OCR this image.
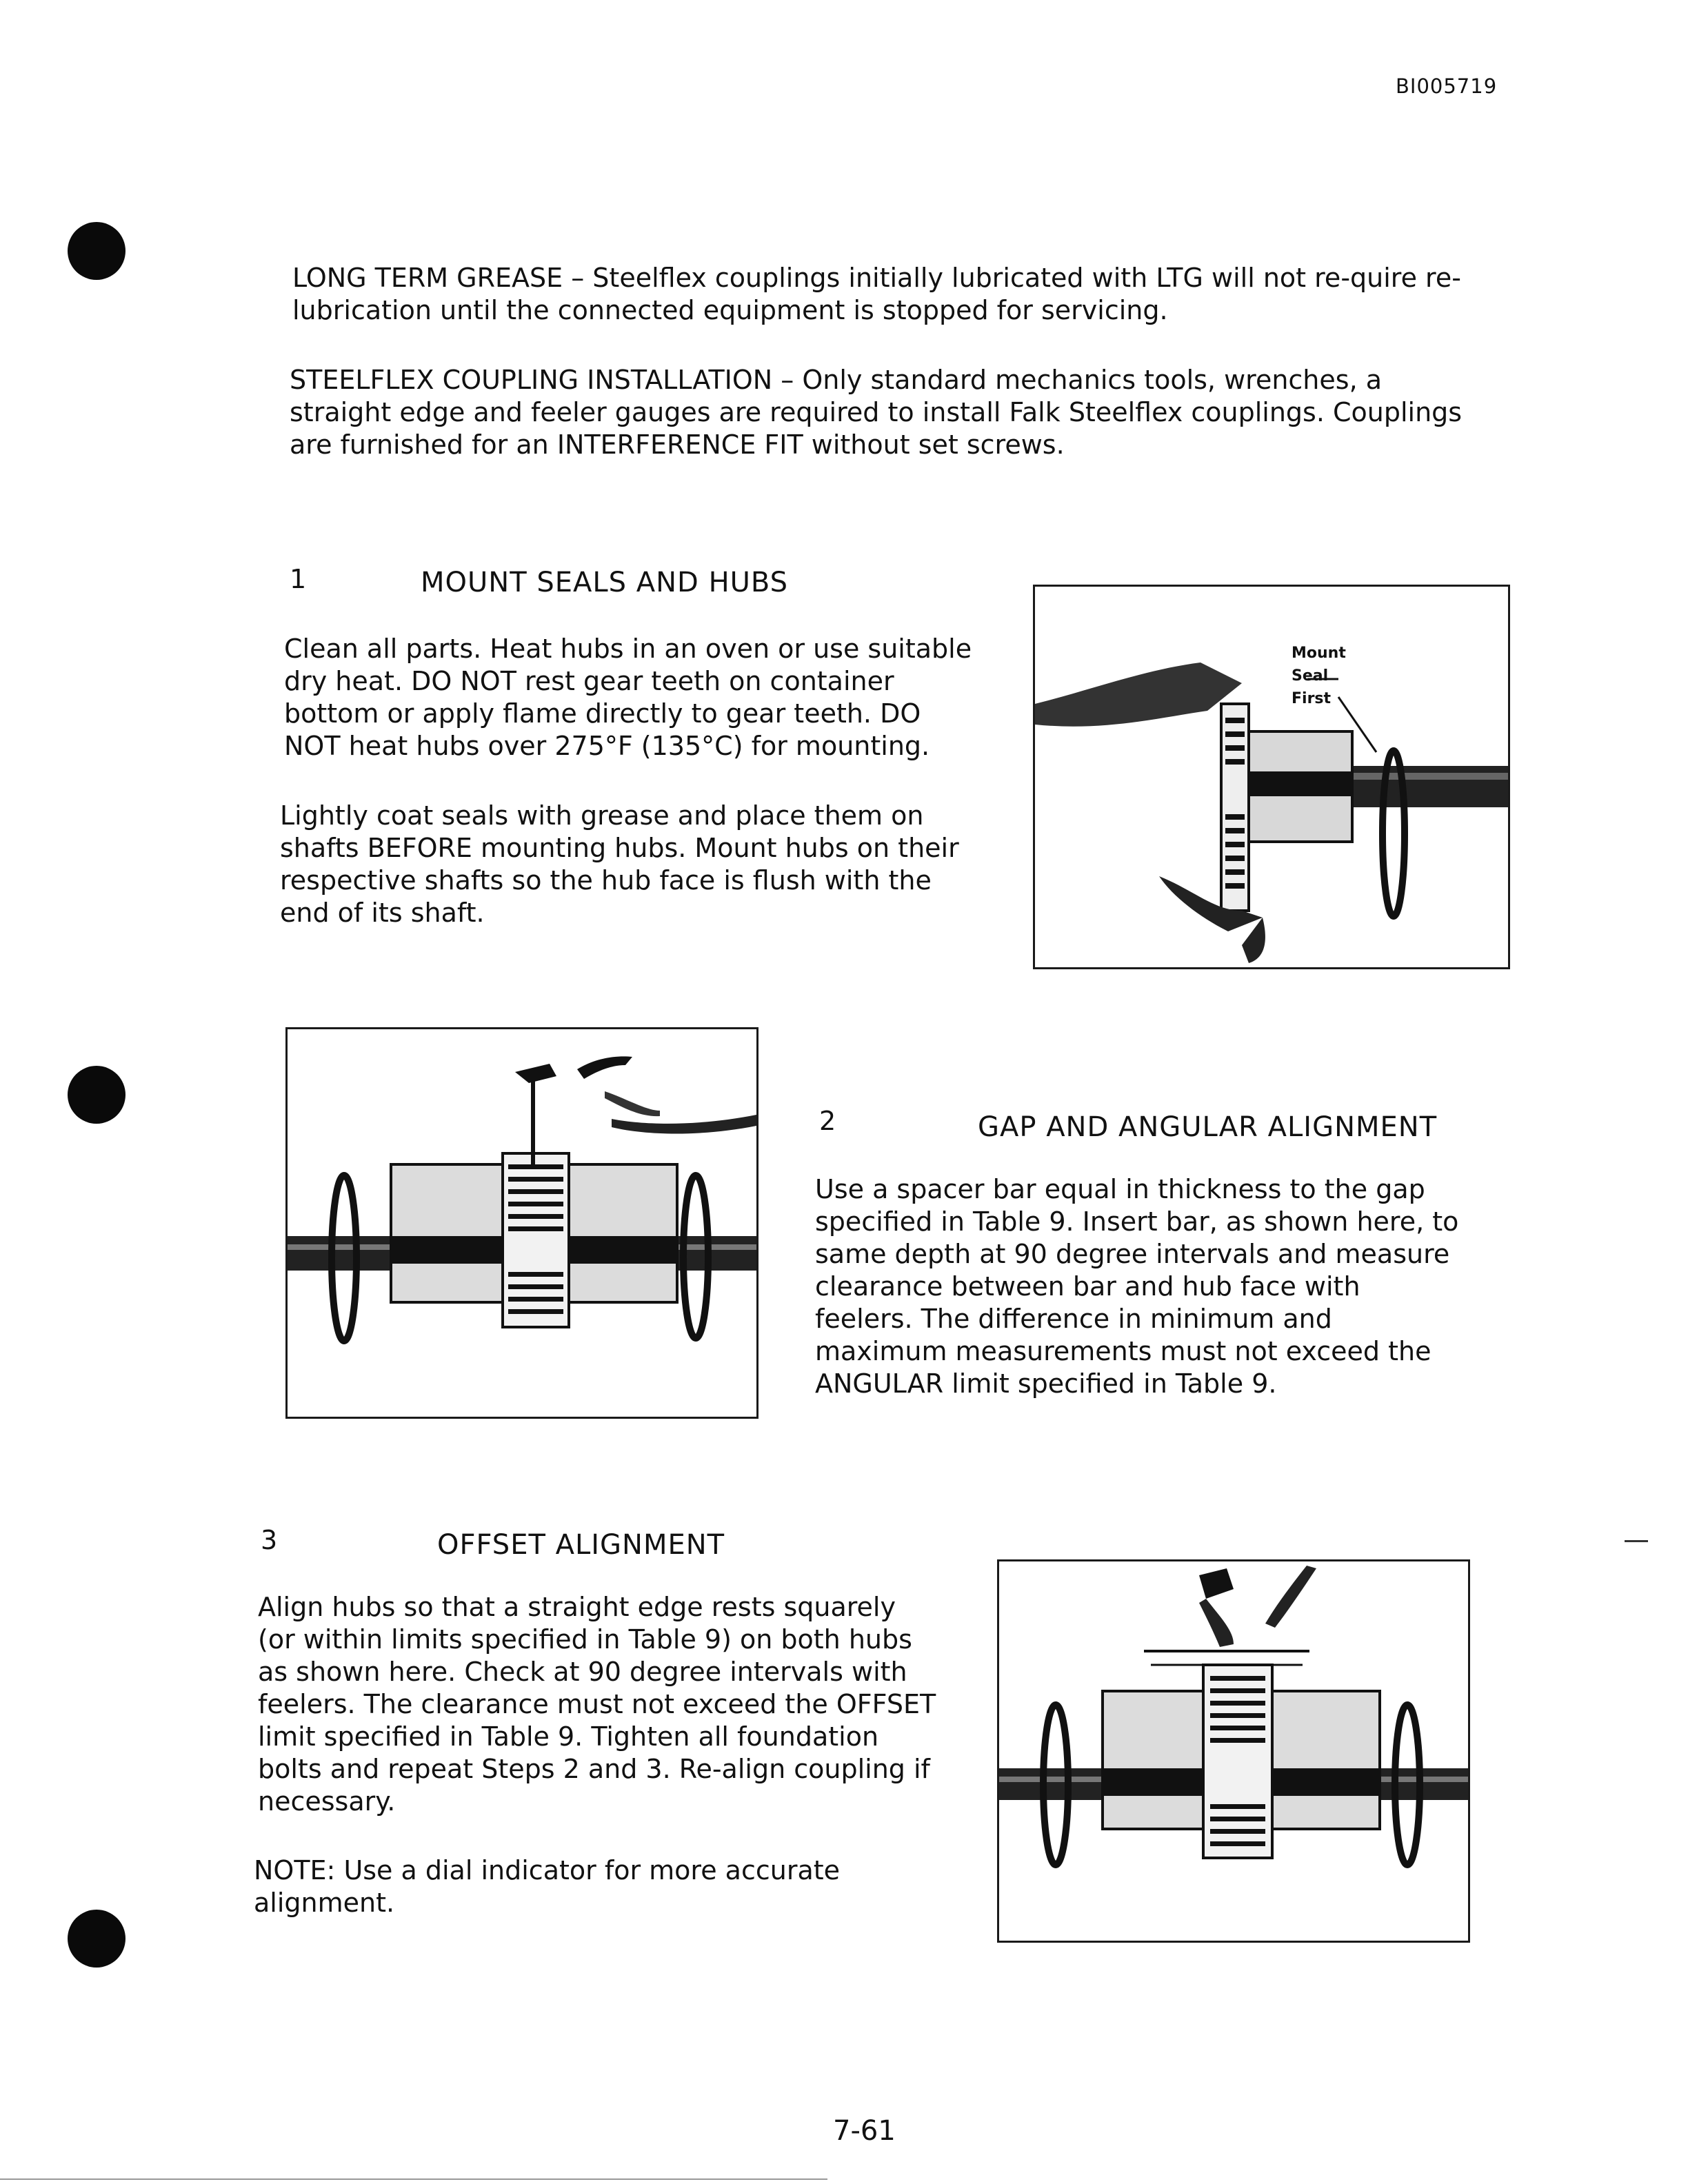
BI005719
LONG TERM GREASE – Steelflex couplings initially lubricated with LTG will not re-quire re-lubrication until the connected equipment is stopped for servicing.
STEELFLEX COUPLING INSTALLATION – Only standard mechanics tools, wrenches, a straight edge and feeler gauges are required to install Falk Steelflex couplings. Couplings are furnished for an INTERFERENCE FIT without set screws.
1	MOUNT SEALS AND HUBS
Clean all parts. Heat hubs in an oven or use suitable dry heat. DO NOT rest gear teeth on container bottom or apply flame directly to gear teeth. DO NOT heat hubs over 275°F (135°C) for mounting.
Lightly coat seals with grease and place them on shafts BEFORE mounting hubs. Mount hubs on their respective shafts so the hub face is flush with the end of its shaft.
Mount
Seal
First
2	GAP AND ANGULAR ALIGNMENT
Use a spacer bar equal in thickness to the gap specified in Table 9. Insert bar, as shown here, to same depth at 90 degree intervals and measure clearance between bar and hub face with feelers. The difference in minimum and maximum measurements must not exceed the ANGULAR limit specified in Table 9.
3	OFFSET ALIGNMENT
Align hubs so that a straight edge rests squarely (or within limits specified in Table 9) on both hubs as shown here. Check at 90 degree intervals with feelers. The clearance must not exceed the OFFSET limit specified in Table 9. Tighten all foundation bolts and repeat Steps 2 and 3. Re-align coupling if necessary.
NOTE: Use a dial indicator for more accurate alignment.
7-61
